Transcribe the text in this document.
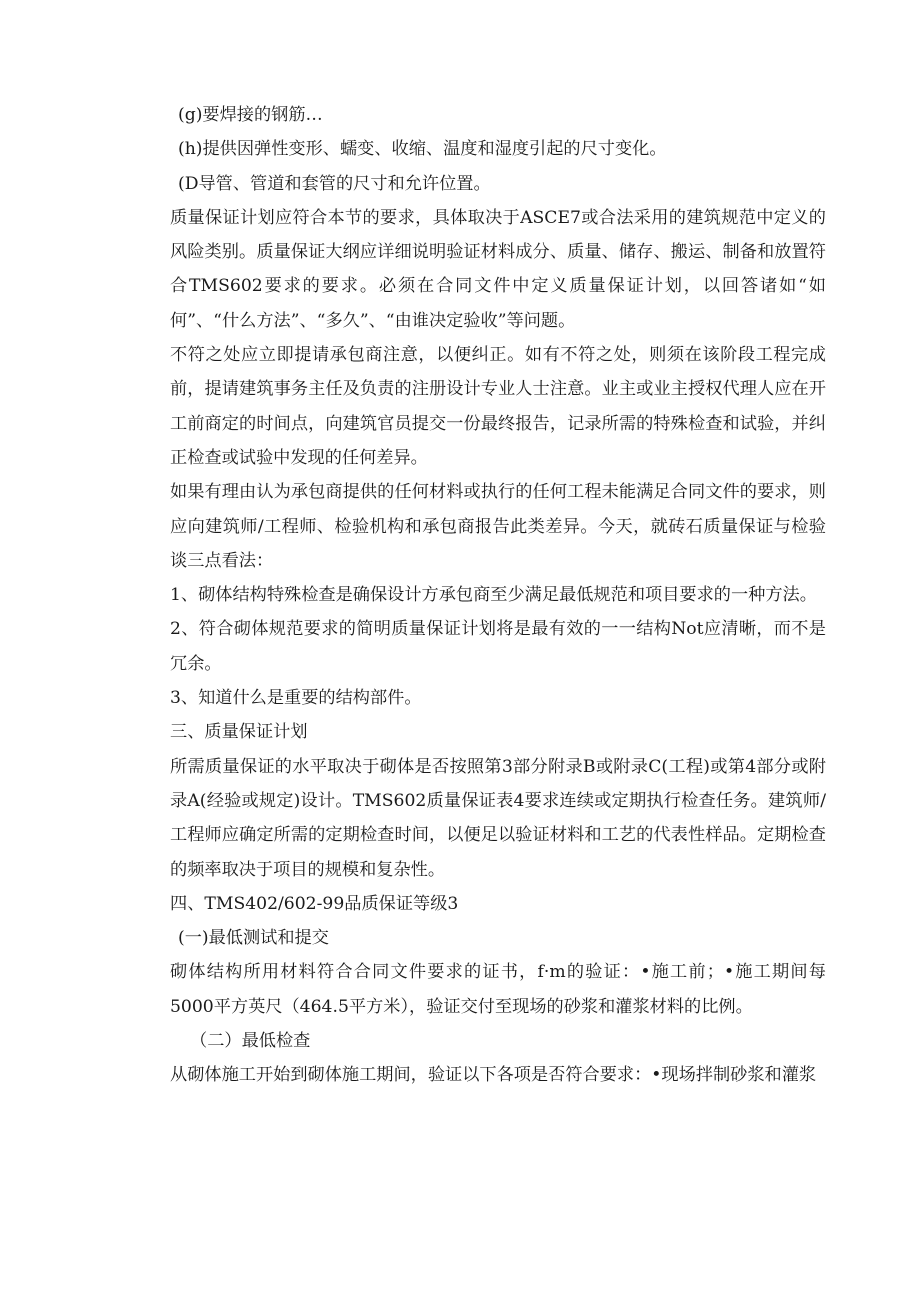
(g)要焊接的钢筋…

(h)提供因弹性变形、蠕变、收缩、温度和湿度引起的尺寸变化。

(D导管、管道和套管的尺寸和允许位置。

质量保证计划应符合本节的要求，具体取决于ASCE7或合法采用的建筑规范中定义的风险类别。质量保证大纲应详细说明验证材料成分、质量、储存、搬运、制备和放置符合TMS602要求的要求。必须在合同文件中定义质量保证计划，以回答诸如“如何”、“什么方法”、“多久”、“由谁决定验收”等问题。

不符之处应立即提请承包商注意，以便纠正。如有不符之处，则须在该阶段工程完成前，提请建筑事务主任及负责的注册设计专业人士注意。业主或业主授权代理人应在开工前商定的时间点，向建筑官员提交一份最终报告，记录所需的特殊检查和试验，并纠正检查或试验中发现的任何差异。

如果有理由认为承包商提供的任何材料或执行的任何工程未能满足合同文件的要求，则应向建筑师/工程师、检验机构和承包商报告此类差异。今天，就砖石质量保证与检验谈三点看法：

1、砌体结构特殊检查是确保设计方承包商至少满足最低规范和项目要求的一种方法。

2、符合砌体规范要求的简明质量保证计划将是最有效的一一结构Not应清晰，而不是冗余。

3、知道什么是重要的结构部件。

三、质量保证计划

所需质量保证的水平取决于砌体是否按照第3部分附录B或附录C(工程)或第4部分或附录A(经验或规定)设计。TMS602质量保证表4要求连续或定期执行检查任务。建筑师/工程师应确定所需的定期检查时间，以便足以验证材料和工艺的代表性样品。定期检查的频率取决于项目的规模和复杂性。

四、TMS402/602-99品质保证等级3

(一)最低测试和提交

砌体结构所用材料符合合同文件要求的证书，f·m的验证：•施工前；•施工期间每5000平方英尺（464.5平方米），验证交付至现场的砂浆和灌浆材料的比例。

（二）最低检查

从砌体施工开始到砌体施工期间，验证以下各项是否符合要求：•现场拌制砂浆和灌浆
